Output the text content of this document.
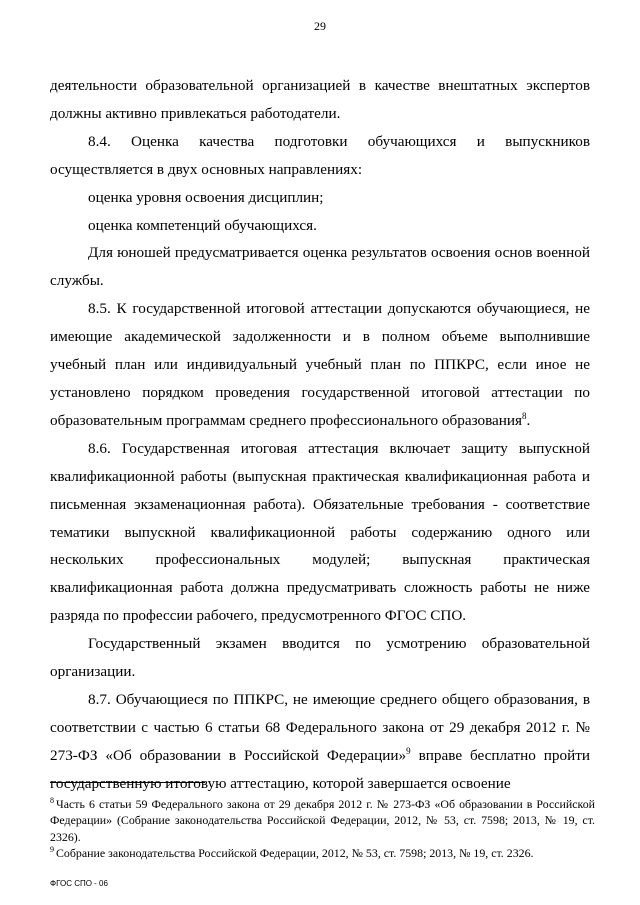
29

деятельности образовательной организацией в качестве внештатных экспертов должны активно привлекаться работодатели.

8.4. Оценка качества подготовки обучающихся и выпускников осуществляется в двух основных направлениях:

оценка уровня освоения дисциплин;

оценка компетенций обучающихся.

Для юношей предусматривается оценка результатов освоения основ военной службы.

8.5. К государственной итоговой аттестации допускаются обучающиеся, не имеющие академической задолженности и в полном объеме выполнившие учебный план или индивидуальный учебный план по ППКРС, если иное не установлено порядком проведения государственной итоговой аттестации по образовательным программам среднего профессионального образования$^8$.

8.6. Государственная итоговая аттестация включает защиту выпускной квалификационной работы (выпускная практическая квалификационная работа и письменная экзаменационная работа). Обязательные требования - соответствие тематики выпускной квалификационной работы содержанию одного или нескольких профессиональных модулей; выпускная практическая квалификационная работа должна предусматривать сложность работы не ниже разряда по профессии рабочего, предусмотренного ФГОС СПО.

Государственный экзамен вводится по усмотрению образовательной организации.

8.7. Обучающиеся по ППКРС, не имеющие среднего общего образования, в соответствии с частью 6 статьи 68 Федерального закона от 29 декабря 2012 г. № 273-ФЗ «Об образовании в Российской Федерации»$^9$ вправе бесплатно пройти государственную итоговую аттестацию, которой завершается освоение

$^8$ Часть 6 статьи 59 Федерального закона от 29 декабря 2012 г. № 273-ФЗ «Об образовании в Российской Федерации» (Собрание законодательства Российской Федерации, 2012, № 53, ст. 7598; 2013, № 19, ст. 2326).

$^9$ Собрание законодательства Российской Федерации, 2012, № 53, ст. 7598; 2013, № 19, ст. 2326.

ФГОС СПО - 06
